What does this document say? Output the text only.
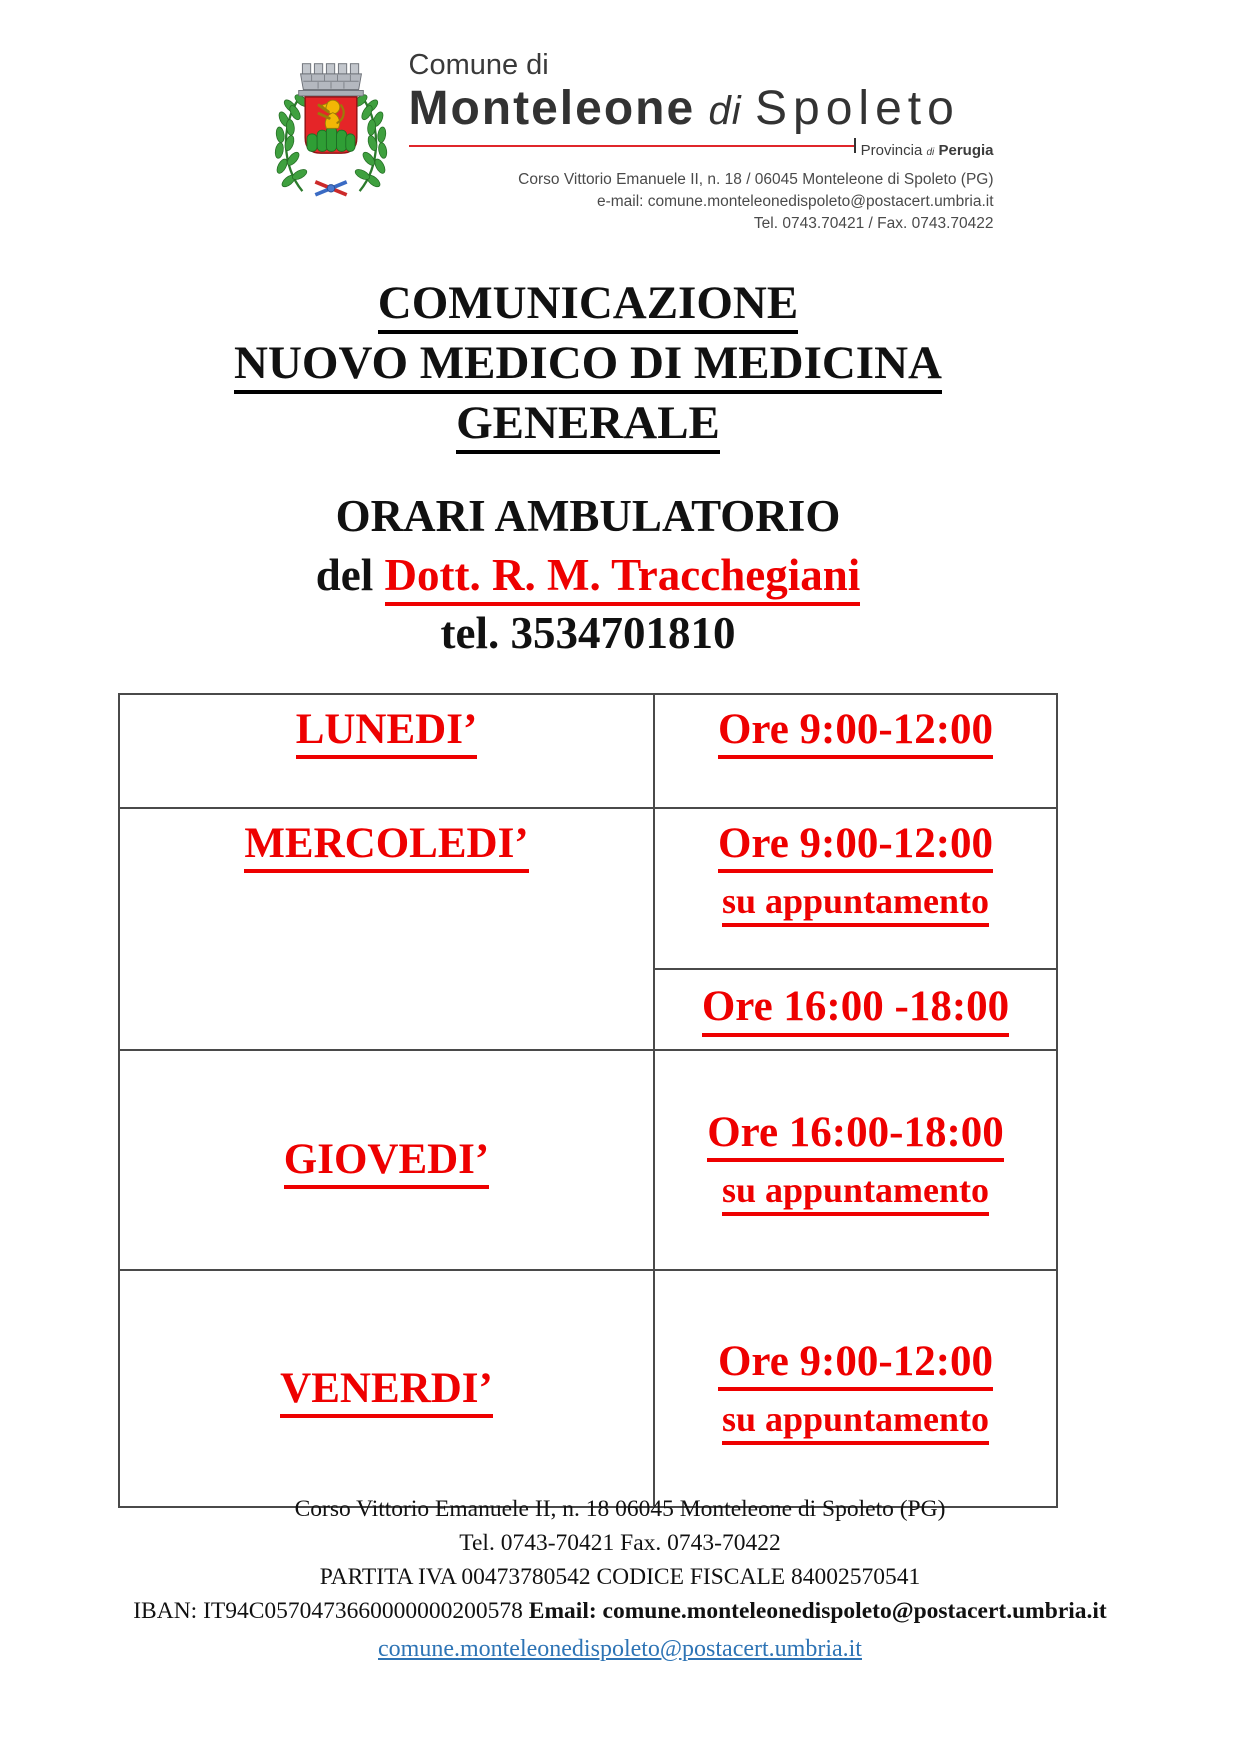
Comune di
Monteleone di Spoleto
Provincia di Perugia
Corso Vittorio Emanuele II, n. 18 / 06045 Monteleone di Spoleto (PG)
e-mail: comune.monteleonedispoleto@postacert.umbria.it
Tel. 0743.70421 / Fax. 0743.70422
COMUNICAZIONE
NUOVO MEDICO DI MEDICINA GENERALE
ORARI AMBULATORIO
del Dott. R. M. Tracchegiani
tel. 3534701810
LUNEDI’	Ore 9:00-12:00
MERCOLEDI’	Ore 9:00-12:00
su appuntamento
Ore 16:00 -18:00
GIOVEDI’
Ore 16:00-18:00
su appuntamento
VENERDI’
Ore 9:00-12:00
su appuntamento
Corso Vittorio Emanuele II, n. 18 06045 Monteleone di Spoleto (PG)
Tel. 0743-70421 Fax. 0743-70422
PARTITA IVA 00473780542 CODICE FISCALE 84002570541
IBAN: IT94C0570473660000000200578 Email: comune.monteleonedispoleto@postacert.umbria.it
comune.monteleonedispoleto@postacert.umbria.it
